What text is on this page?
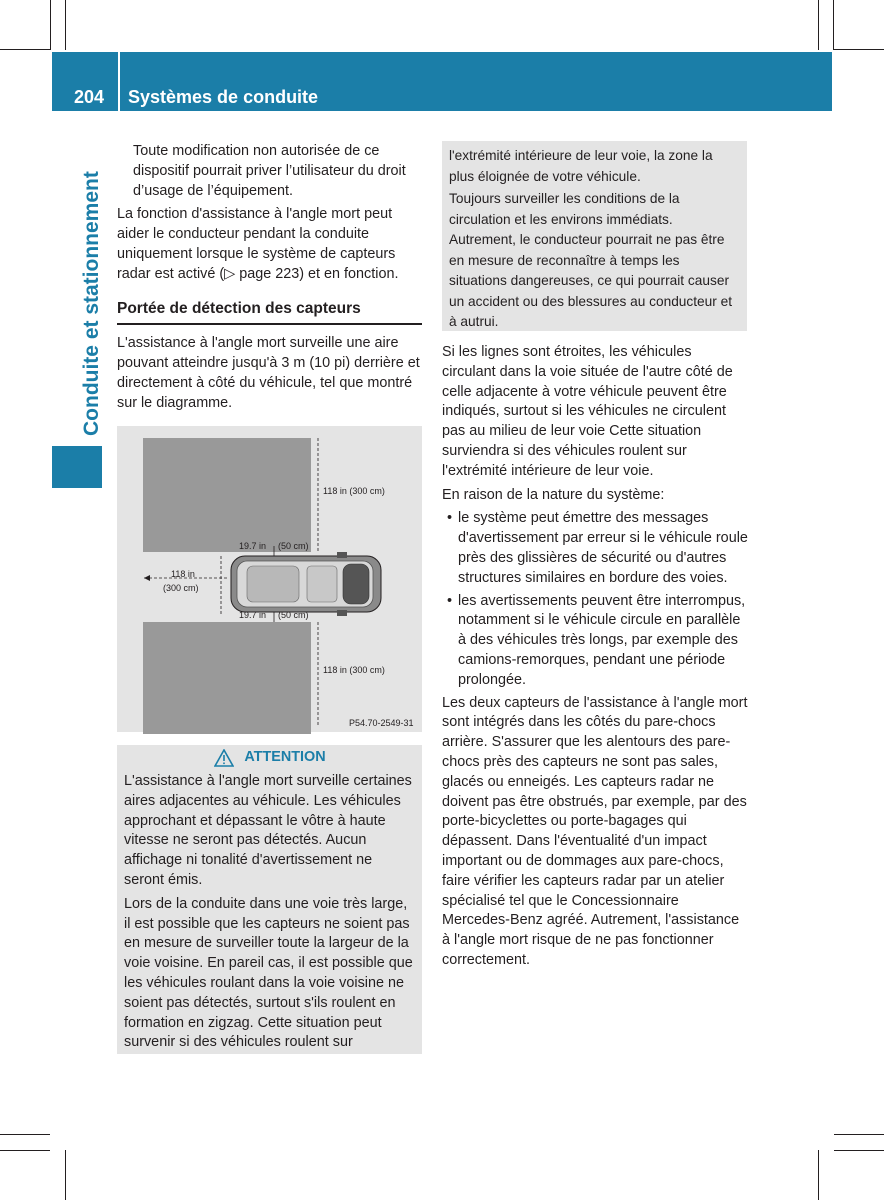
204	Systèmes de conduite
Conduite et stationnement

Toute modification non autorisée de ce dispositif pourrait priver l’utilisateur du droit d’usage de l’équipement.

La fonction d'assistance à l'angle mort peut aider le conducteur pendant la conduite uniquement lorsque le système de capteurs radar est activé (▷ page 223) et en fonction.

Portée de détection des capteurs

L'assistance à l'angle mort surveille une aire pouvant atteindre jusqu'à 3 m (10 pi) derrière et directement à côté du véhicule, tel que montré sur le diagramme.

118 in (300 cm)
118 in (300 cm)
19.7 in (50 cm)
19.7 in (50 cm)
118 in
(300 cm)
P54.70-2549-31
ATTENTION

L'assistance à l'angle mort surveille certaines aires adjacentes au véhicule. Les véhicules approchant et dépassant le vôtre à haute vitesse ne seront pas détectés. Aucun affichage ni tonalité d'avertissement ne seront émis.

Lors de la conduite dans une voie très large, il est possible que les capteurs ne soient pas en mesure de surveiller toute la largeur de la voie voisine. En pareil cas, il est possible que les véhicules roulant dans la voie voisine ne soient pas détectés, surtout s'ils roulent en formation en zigzag. Cette situation peut survenir si des véhicules roulent sur

l'extrémité intérieure de leur voie, la zone la plus éloignée de votre véhicule.

Toujours surveiller les conditions de la circulation et les environs immédiats. Autrement, le conducteur pourrait ne pas être en mesure de reconnaître à temps les situations dangereuses, ce qui pourrait causer un accident ou des blessures au conducteur et à autrui.

Si les lignes sont étroites, les véhicules circulant dans la voie située de l'autre côté de celle adjacente à votre véhicule peuvent être indiqués, surtout si les véhicules ne circulent pas au milieu de leur voie Cette situation surviendra si des véhicules roulent sur l'extrémité intérieure de leur voie.

En raison de la nature du système:

• le système peut émettre des messages d'avertissement par erreur si le véhicule roule près des glissières de sécurité ou d'autres structures similaires en bordure des voies.
• les avertissements peuvent être interrompus, notamment si le véhicule circule en parallèle à des véhicules très longs, par exemple des camions-remorques, pendant une période prolongée.

Les deux capteurs de l'assistance à l'angle mort sont intégrés dans les côtés du pare-chocs arrière. S'assurer que les alentours des pare-chocs près des capteurs ne sont pas sales, glacés ou enneigés. Les capteurs radar ne doivent pas être obstrués, par exemple, par des porte-bicyclettes ou porte-bagages qui dépassent. Dans l'éventualité d'un impact important ou de dommages aux pare-chocs, faire vérifier les capteurs radar par un atelier spécialisé tel que le Concessionnaire Mercedes-Benz agréé. Autrement, l'assistance à l'angle mort risque de ne pas fonctionner correctement.
